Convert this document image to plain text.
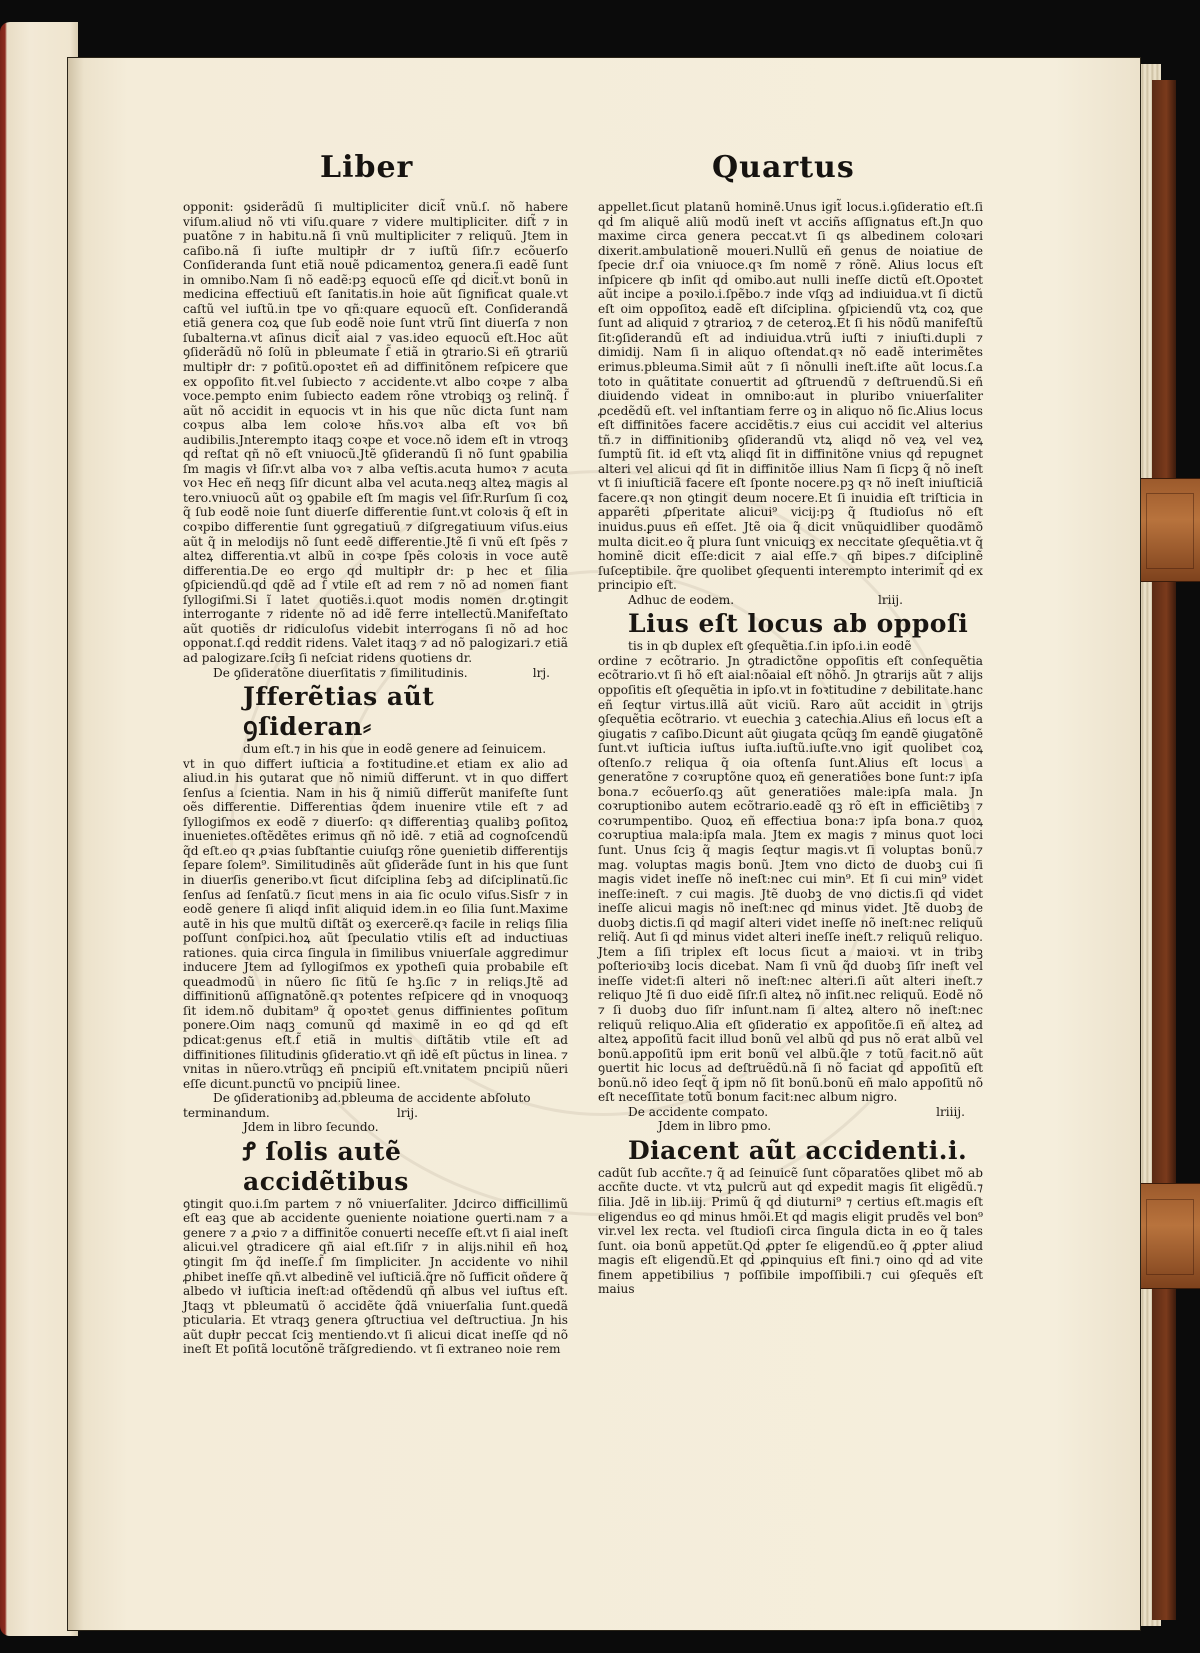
Liber	Quartus

opponit: ꝯsiderãdũ ſi multipliciter dicit̃ vnũ.ſ. nõ habere viſum.aliud nõ vti viſu.quare ⁊ videre multipliciter. diſt̃ ⁊ in puatõne ⁊ in habitu.nã ſi vnũ multipliciter ⁊ reliquũ. Jtem in caſibo.nã ſi iuſte multipłr dr ⁊ iuſtũ ſiſr.⁊ ecõuerſo Conſideranda ſunt etiã nouẽ pdicamentoꝝ genera.ſi eadẽ ſunt in omnibo.Nam ſi nõ eadẽ:pꝫ equocũ eſſe qḋ dicit̃.vt bonũ in medicina effectiuũ eſt ſanitatis.in hoie aũt ſignificat quale.vt caſtũ vel iuſtũ.in tpe vo qñ:quare equocũ eſt. Conſiderandã etiã genera coꝝ que ſub eodẽ noie ſunt vtrũ ſint diuerſa ⁊ non ſubalterna.vt aſinus dicit̃ aial ⁊ vas.ideo equocũ eſt.Hoc aũt ꝯſiderãdũ nõ ſolũ in pbleumate ſ̃ etiã in ꝯtrario.Si eñ ꝯtrariũ multipłr dr: ⁊ ꝑoſitũ.opoꝛtet eñ ad diffinitõnem reſpicere que ex oppoſito fit.vel ſubiecto ⁊ accidente.vt albo coꝛpe ⁊ alba voce.pempto enim ſubiecto eadem rõne vtrobiqꝫ oꝫ relinq̃. ſ̃ aũt nõ accidit in equocis vt in his que nũc dicta ſunt nam coꝛpus alba lem coloꝛe hñs.voꝛ alba eſt voꝛ bñ audibilis.Jnterempto itaqꝫ coꝛpe et voce.nõ idem eſt in vtroqꝫ qḋ reſtat qñ nõ eſt vniuocũ.Jtẽ ꝯſiderandũ ſi nõ ſunt ꝯpabilia ſm magis vł ſiſr.vt alba voꝛ ⁊ alba veſtis.acuta humoꝛ ⁊ acuta voꝛ Hec eñ neqꝫ ſiſr dicunt alba vel acuta.neqꝫ alteꝝ magis al tero.vniuocũ aũt oꝫ ꝯpabile eſt ſm magis vel ſiſr.Rurſum ſi coꝝ q̃ ſub eodẽ noie ſunt diuerſe differentie ſunt.vt coloꝛis q̃ eſt in coꝛpibo differentie ſunt ꝯgregatiuũ ⁊ diſgregatiuum viſus.eius aũt q̃ in melodijs nõ ſunt eedẽ differentie.Jtẽ ſi vnũ eſt ſpẽs ⁊ alteꝝ differentia.vt albũ in coꝛpe ſpẽs coloꝛis in voce autẽ differentia.De eo ergo qḋ multipłr dr: p hec et ſilia ꝯſpiciendũ.qḋ qdẽ ad ſ̃ vtile eſt ad rem ⁊ nõ ad nomen fiant ſyllogiſmi.Si ĩ latet quotiẽs.i.quot modis nomen dr.ꝯtingit interrogante ⁊ ridente nõ ad idẽ ferre intellectũ.Manifeſtato aũt quotiẽs dr ridiculoſus videbit interrogans ſi nõ ad hoc opponat.ſ.qḋ reddit ridens. Valet itaqꝫ ⁊ ad nõ palogizari.⁊ etiã ad palogizare.ſciłꝫ ſi neſciat ridens quotiens dr.

De ꝯſideratõne diuerſitatis ⁊ ſimilitudinis.	lrj.
Jfferẽtias aũt ꝯſideran⸗

dum eſt.⁊ in his que in eodẽ genere ad ſeinuicem.

vt in quo differt iuſticia a foꝛtitudine.et etiam ex alio ad aliud.in his ꝯutarat que nõ nimiũ differunt. vt in quo differt ſenſus a ſcientia. Nam in his q̃ nimiũ differũt manifeſte ſunt oẽs differentie. Differentias q̃dem inuenire vtile eſt ⁊ ad ſyllogiſmos ex eodẽ ⁊ diuerſo: qꝛ differentiaꝫ qualibꝫ ꝑoſitoꝝ inuenietes.oſtẽdẽtes erimus qñ nõ idẽ. ⁊ etiã ad cognoſcendũ q̃d eſt.eo qꝛ ꝓꝛias ſubſtantie cuiuſqꝫ rõne ꝯuenietib differentijs ſepare ſolem⁹. Similitudinẽs aũt ꝯſiderãde ſunt in his que ſunt in diuerſis generibo.vt ſicut diſciplina ſebꝫ ad diſciplinatũ.ſic ſenſus ad ſenſatũ.⁊ ſicut mens in aia ſic oculo viſus.Sisſr ⁊ in eodẽ genere ſi aliqḋ inſit aliquid idem.in eo ſilia ſunt.Maxime autẽ in his que multũ diſtãt oꝫ exercerẽ.qꝛ facile in reliqs ſilia poſſunt conſpici.hoꝝ aũt ſpeculatio vtilis eſt ad inductiuas rationes. quia circa ſingula in ſimilibus vniuerſale aggredimur inducere Jtem ad ſyllogiſmos ex ypotheſi quia probabile eſt queadmodũ in nũero ſic ſitũ ſe hꝫ.ſic ⁊ in reliqs.Jtẽ ad diffinitionũ aſſignatõnẽ.qꝛ potentes reſpicere qḋ in vnoquoqꝫ ſit idem.nõ dubitam⁹ q̃ opoꝛtet genus diffinientes ꝑoſitum ponere.Oim naqꝫ comunũ qḋ maximẽ in eo qḋ qd eſt pdicat:genus eſt.ſ̃ etiã in multis diſtãtib vtile eſt ad diffinitiones ſilitudinis ꝯſideratio.vt qñ idẽ eſt pũctus in linea. ⁊ vnitas in nũero.vtrũqꝫ eñ pncipiũ eſt.vnitatem pncipiũ nũeri eſſe dicunt.punctũ vo pncipiũ linee.

De ꝯſiderationibꝫ ad.pbleuma de accidente abſoluto

terminandum.	lrij.

Jdem in libro ſecundo.

Ꝭ ſolis autẽ accidẽtibus

ꝯtingit quo.i.ſm partem ⁊ nõ vniuerſaliter. Jdcirco difficillimũ eſt eaꝫ que ab accidente ꝯueniente noiatione ꝯuerti.nam ⁊ a genere ⁊ a ꝓꝛio ⁊ a diffinitõe conuerti neceſſe eſt.vt ſi aial ineſt alicui.vel ꝯtradicere qñ aial eſt.ſiſr ⁊ in alijs.nihil eñ hoꝝ ꝯtingit ſm q̃d ineſſe.ſ̃ ſm ſimpliciter. Jn accidente vo nihil ꝓhibet ineſſe qñ.vt albedinẽ vel iuſticiã.q̃re nõ ſufficit oñdere q̃ albedo vł iuſticia ineſt:ad oſtẽdendũ qñ albus vel iuſtus eſt. Jtaqꝫ vt pbleumatũ õ accidẽte q̃dã vniuerſalia ſunt.quedã pticularia. Et vtraqꝫ genera ꝯſtructiua vel deſtructiua. Jn his aũt dupłr peccat ſciꝫ mentiendo.vt ſi alicui dicat ineſſe qḋ nõ ineſt Et poſitã locutõnẽ trãſgrediendo. vt ſi extraneo noie rem

appellet.ſicut platanũ hominẽ.Unus igit̃ locus.i.ꝯſideratio eſt.ſi qḋ ſm aliquẽ aliũ modũ ineſt vt acciñs aſſignatus eſt.Jn quo maxime circa genera peccat.vt ſi qs albedinem coloꝛari dixerit.ambulationẽ moueri.Nullũ eñ genus de noiatiue de ſpecie dr.ſ̃ oia vniuoce.qꝛ ſm nomẽ ⁊ rõnẽ. Alius locus eſt inſpicere qb inſit qḋ omibo.aut nulli ineſſe dictũ eſt.Opoꝛtet aũt incipe a poꝛilo.i.ſpẽbo.⁊ inde vſqꝫ ad indiuidua.vt ſi dictũ eſt oim oppoſitoꝝ eadẽ eſt diſciplina. ꝯſpiciendũ vtꝝ coꝝ que ſunt ad aliquid ⁊ ꝯtrarioꝝ ⁊ de ceteroꝝ.Et ſi his nõdũ manifeſtũ ſit:ꝯſiderandũ eſt ad indiuidua.vtrũ iuſti ⁊ iniuſti.dupli ⁊ dimidij. Nam ſi in aliquo oſtendat.qꝛ nõ eadẽ interimẽtes erimus.pbleuma.Simił aũt ⁊ ſi nõnulli ineſt.iſte aũt locus.ſ.a toto in quãtitate conuertit ad ꝯſtruendũ ⁊ deſtruendũ.Si eñ diuidendo videat in omnibo:aut in pluribo vniuerſaliter ꝓcedẽdũ eſt. vel inſtantiam ferre oꝫ in aliquo nõ ſic.Alius locus eſt diffinitões facere accidẽtis.⁊ eius cui accidit vel alterius tñ.⁊ in diffinitionibꝫ ꝯſiderandũ vtꝝ aliqd nõ veꝝ vel veꝝ ſumptũ ſit. id eſt vtꝝ aliqḋ ſit in diffinitõne vnius qḋ repugnet alteri vel alicui qḋ ſit in diffinitõe illius Nam ſi ſicpꝫ q̃ nõ ineſt vt ſi iniuſticiã facere eſt ſponte nocere.pꝫ qꝛ nõ ineſt iniuſticiã facere.qꝛ non ꝯtingit deum nocere.Et ſi inuidia eſt triſticia in apparẽti ꝓſperitate alicui⁹ vicij:pꝫ q̃ ſtudioſus nõ eſt inuidus.ꝑuus eñ eſſet. Jtẽ oia q̃ dicit vnũquidliber quodãmõ multa dicit.eo q̃ plura ſunt vnicuiqꝫ ex neccitate ꝯſequẽtia.vt q̃ hominẽ dicit eſſe:dicit ⁊ aial eſſe.⁊ qñ bipes.⁊ diſciplinẽ ſuſceptibile. q̃re quolibet ꝯſequenti interempto interimit̃ qḋ ex principio eſt.

Adhuc de eodem.	lriij.
Lius eſt locus ab oppoſi

tis in qb duplex eſt ꝯſequẽtia.ſ.in ipſo.i.in eodẽ

ordine ⁊ ecõtrario. Jn ꝯtradictõne oppoſitis eſt conſequẽtia ecõtrario.vt ſi hõ eſt aial:nõaial eſt nõhõ. Jn ꝯtrarijs aũt ⁊ alijs oppoſitis eſt ꝯſequẽtia in ipſo.vt in foꝛtitudine ⁊ debilitate.hanc eñ ſeqtur virtus.illã aũt viciũ. Raro aũt accidit in ꝯtrijs ꝯſequẽtia ecõtrario. vt euechia ꝫ catechia.Alius eñ locus eſt a ꝯiugatis ⁊ caſibo.Dicunt aũt ꝯiugata qcũqꝫ ſm eandẽ ꝯiugatõnẽ ſunt.vt iuſticia iuſtus iuſta.iuſtũ.iuſte.vno igit̃ quolibet coꝝ oſtenſo.⁊ reliqua q̃ oia oſtenſa ſunt.Alius eſt locus a generatõne ⁊ coꝛruptõne quoꝝ eñ generatiões bone ſunt:⁊ ipſa bona.⁊ ecõuerſo.qꝫ aũt generatiões male:ipſa mala. Jn coꝛruptionibo autem ecõtrario.eadẽ qꝫ rõ eſt in efficiẽtibꝫ ⁊ coꝛrumpentibo. Quoꝝ eñ effectiua bona:⁊ ipſa bona.⁊ quoꝝ coꝛruptiua mala:ipſa mala. Jtem ex magis ⁊ minus quot loci ſunt. Unus ſciꝫ q̃ magis ſeqtur magis.vt ſi voluptas bonũ.⁊ mag. voluptas magis bonũ. Jtem vno dicto de duobꝫ cui ſi magis videt ineſſe nõ ineſt:nec cui min⁹. Et ſi cui min⁹ videt ineſſe:ineſt. ⁊ cui magis. Jtẽ duobꝫ de vno dictis.ſi qḋ videt ineſſe alicui magis nõ ineſt:nec qḋ minus videt. Jtẽ duobꝫ de duobꝫ dictis.ſi qḋ magiſ alteri videt ineſſe nõ ineſt:nec reliquũ reliq̃. Aut ſi qḋ minus videt alteri ineſſe ineſt.⁊ reliquũ reliquo. Jtem a ſiſi triplex eſt locus ſicut a maioꝛi. vt in tribꝫ poſterioꝛibꝫ locis dicebat. Nam ſi vnũ q̃d duobꝫ ſiſr ineſt vel ineſſe videt:ſi alteri nõ ineſt:nec alteri.ſi aũt alteri ineſt.⁊ reliquo Jtẽ ſi duo eidẽ ſiſr.ſi alteꝝ nõ inſit.nec reliquũ. Eodẽ nõ ⁊ ſi duobꝫ duo ſiſr inſunt.nam ſi alteꝝ altero nõ ineſt:nec reliquũ reliquo.Alia eſt ꝯſideratio ex appoſitõe.ſi eñ alteꝝ ad alteꝝ appoſitũ facit illud bonũ vel albũ qḋ pus nõ erat albũ vel bonũ.appoſitũ ipm erit bonũ vel albũ.q̃le ⁊ totũ facit.nõ aũt ꝯuertit hic locus ad deſtruẽdũ.nã ſi nõ faciat qḋ appoſitũ eſt bonũ.nõ ideo ſeqt̃ q̃ ipm nõ ſit bonũ.bonũ eñ malo appoſitũ nõ eſt neceſſitate totũ bonum facit:nec album nigro.

De accidente compato.	lriiij.

Jdem in libro pmo.

Diacent aũt accidenti.i.

cadũt ſub accñte.⁊ q̃ ad ſeinuicẽ ſunt cõparatões ꝗlibet mõ ab accñte ducte. vt vtꝝ pulcrũ aut qḋ expedit magis ſit eligẽdũ.⁊ ſilia. Jdẽ in lib.iij. Primũ q̃ qḋ diuturni⁹ ⁊ certius eſt.magis eſt eligendus eo qḋ minus hmõi.Et qḋ magis eligit prudẽs vel bon⁹ vir.vel lex recta. vel ſtudioſi circa ſingula dicta in eo q̃ tales ſunt. oia bonũ appetũt.Qḋ ꝓpter ſe eligendũ.eo q̃ ꝓpter aliud magis eſt eligendũ.Et qḋ ꝓpinquius eſt fini.⁊ oino qḋ ad vite finem appetibilius ⁊ poſſibile impoſſibili.⁊ cui ꝯſequẽs eſt maius
